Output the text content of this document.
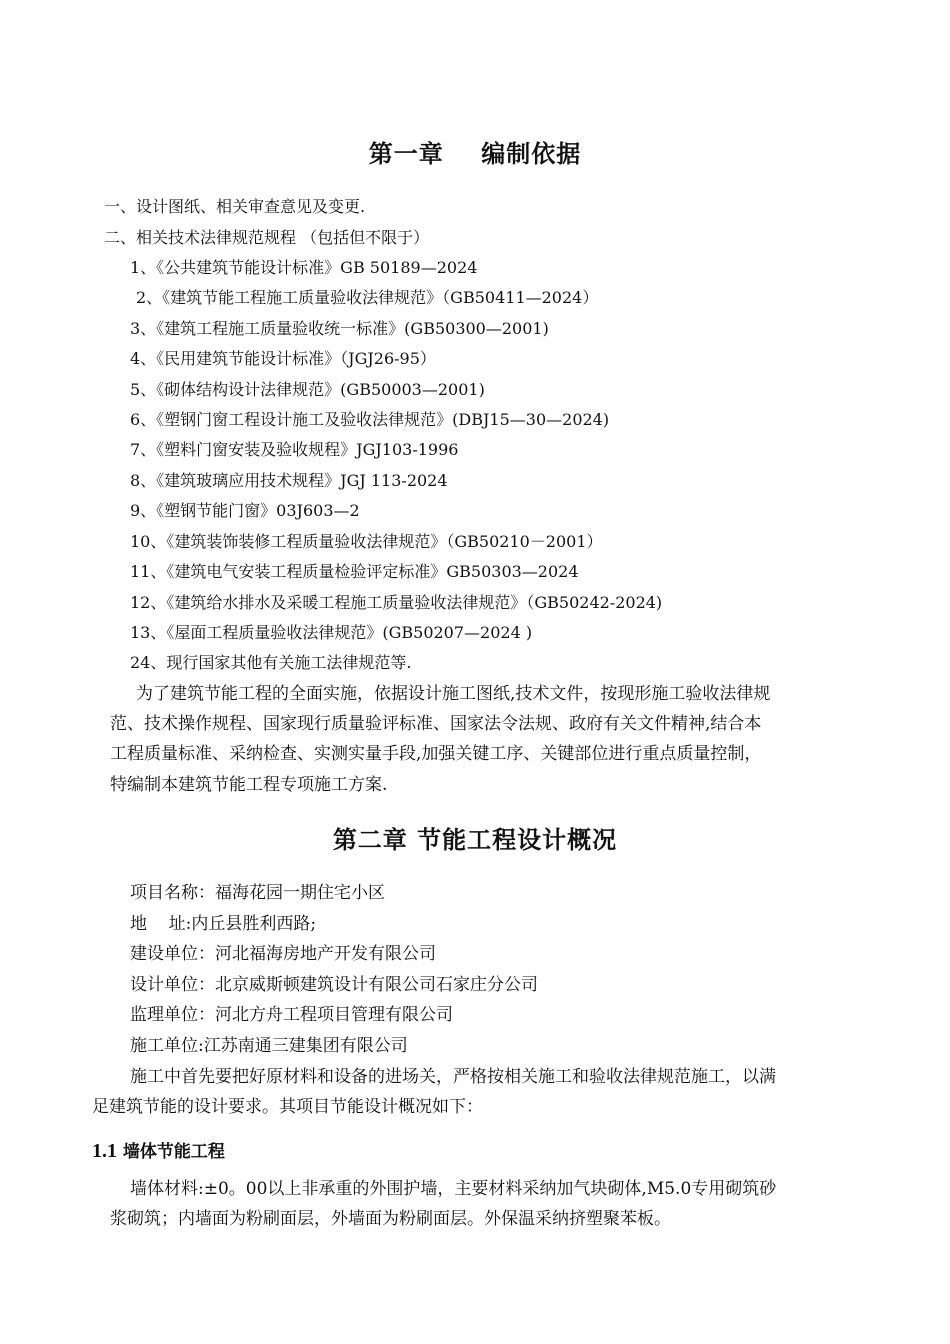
第一章    编制依据
一、设计图纸、相关审查意见及变更.
二、相关技术法律规范规程 （包括但不限于）
1、《公共建筑节能设计标准》GB 50189—2024
2、《建筑节能工程施工质量验收法律规范》（GB50411—2024）
3、《建筑工程施工质量验收统一标准》(GB50300—2001)
4、《民用建筑节能设计标准》（JGJ26-95）
5、《砌体结构设计法律规范》(GB50003—2001)
6、《塑钢门窗工程设计施工及验收法律规范》(DBJ15—30—2024)
7、《塑料门窗安装及验收规程》JGJ103-1996
8、《建筑玻璃应用技术规程》JGJ 113-2024
9、《塑钢节能门窗》03J603—2
10、《建筑装饰装修工程质量验收法律规范》（GB50210－2001）
11、《建筑电气安装工程质量检验评定标准》GB50303—2024
12、《建筑给水排水及采暖工程施工质量验收法律规范》（GB50242-2024)
13、《屋面工程质量验收法律规范》(GB50207—2024 )
24、现行国家其他有关施工法律规范等.
为了建筑节能工程的全面实施，依据设计施工图纸,技术文件，按现形施工验收法律规
范、技术操作规程、国家现行质量验评标准、国家法令法规、政府有关文件精神,结合本
工程质量标准、采纳检查、实测实量手段,加强关键工序、关键部位进行重点质量控制，
特编制本建筑节能工程专项施工方案.
第二章 节能工程设计概况
项目名称：福海花园一期住宅小区
地    址:内丘县胜利西路;
建设单位：河北福海房地产开发有限公司
设计单位：北京威斯顿建筑设计有限公司石家庄分公司
监理单位：河北方舟工程项目管理有限公司
施工单位:江苏南通三建集团有限公司
施工中首先要把好原材料和设备的进场关，严格按相关施工和验收法律规范施工，以满
足建筑节能的设计要求。其项目节能设计概况如下：
1.1 墙体节能工程
墙体材料:±0。00以上非承重的外围护墙，主要材料采纳加气块砌体,M5.0专用砌筑砂
浆砌筑；内墙面为粉刷面层，外墙面为粉刷面层。外保温采纳挤塑聚苯板。
